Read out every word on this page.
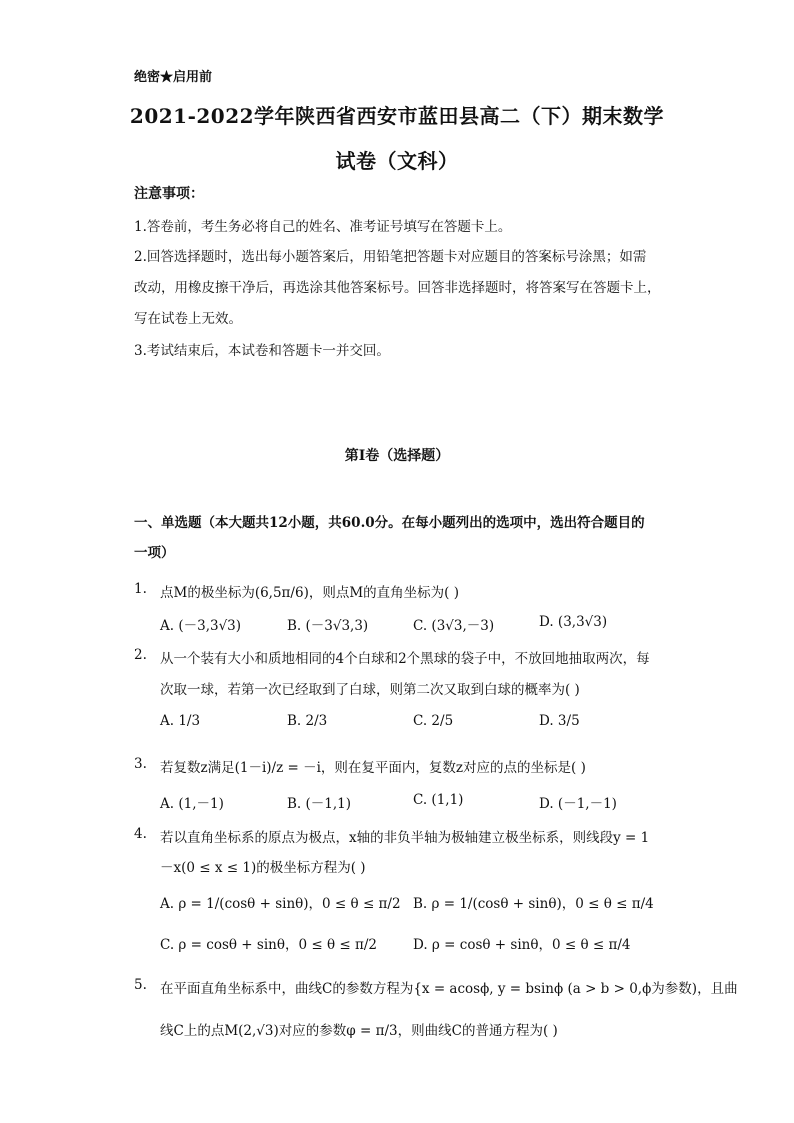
绝密★启用前
2021-2022学年陕西省西安市蓝田县高二（下）期末数学
试卷（文科）
注意事项：
1.答卷前，考生务必将自己的姓名、准考证号填写在答题卡上。
2.回答选择题时，选出每小题答案后，用铅笔把答题卡对应题目的答案标号涂黑；如需
改动，用橡皮擦干净后，再选涂其他答案标号。回答非选择题时，将答案写在答题卡上，
写在试卷上无效。
3.考试结束后，本试卷和答题卡一并交回。
第I卷（选择题）
一、单选题（本大题共12小题，共60.0分。在每小题列出的选项中，选出符合题目的
一项）
1. 点M的极坐标为(6,5π/6)，则点M的直角坐标为( )
A. (－3,3√3)	B. (－3√3,3)	C. (3√3,－3)	D. (3,3√3)
2. 从一个装有大小和质地相同的4个白球和2个黑球的袋子中，不放回地抽取两次，每
次取一球，若第一次已经取到了白球，则第二次又取到白球的概率为( )
A. 1/3	B. 2/3	C. 2/5	D. 3/5
3. 若复数z满足(1－i)/z = －i，则在复平面内，复数z对应的点的坐标是( )
A. (1,－1)	B. (－1,1)	C. (1,1)	D. (－1,－1)
4. 若以直角坐标系的原点为极点，x轴的非负半轴为极轴建立极坐标系，则线段y = 1
－x(0 ≤ x ≤ 1)的极坐标方程为( )
A. ρ = 1/(cosθ + sinθ)，0 ≤ θ ≤ π/2 B. ρ = 1/(cosθ + sinθ)，0 ≤ θ ≤ π/4
C. ρ = cosθ + sinθ，0 ≤ θ ≤ π/2	D. ρ = cosθ + sinθ，0 ≤ θ ≤ π/4
5. 在平面直角坐标系中，曲线C的参数方程为{x = acosϕ, y = bsinϕ (a > b > 0,ϕ为参数)，且曲
线C上的点M(2,√3)对应的参数φ = π/3，则曲线C的普通方程为( )
